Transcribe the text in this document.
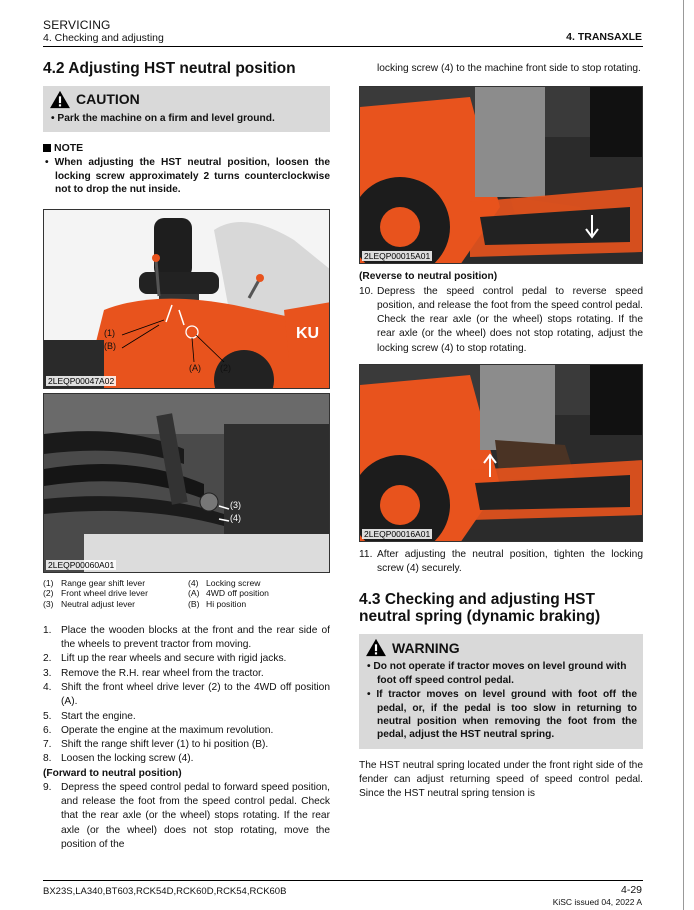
SERVICING
4. Checking and adjusting	4. TRANSAXLE
4.2 Adjusting HST neutral position
CAUTION
• Park the machine on a firm and level ground.
NOTE
• When adjusting the HST neutral position, loosen the locking screw approximately 2 turns counterclockwise not to drop the nut inside.
KU
(1)
(B)
(A) (2)
2LEQP00047A02
(3)
(4)
2LEQP00060A01
(1) Range gear shift lever	(4) Locking screw
(2) Front wheel drive lever	(A) 4WD off position
(3) Neutral adjust lever	(B) Hi position
1. Place the wooden blocks at the front and the rear side of the wheels to prevent tractor from moving.
2. Lift up the rear wheels and secure with rigid jacks.
3. Remove the R.H. rear wheel from the tractor.
4. Shift the front wheel drive lever (2) to the 4WD off position (A).
5. Start the engine.
6. Operate the engine at the maximum revolution.
7. Shift the range shift lever (1) to hi position (B).
8. Loosen the locking screw (4).
(Forward to neutral position)
9. Depress the speed control pedal to forward speed position, and release the foot from the speed control pedal. Check that the rear axle (or the wheel) stops rotating. If the rear axle (or the wheel) does not stop rotating, move the position of the
locking screw (4) to the machine front side to stop rotating.
2LEQP00015A01
(Reverse to neutral position)
10. Depress the speed control pedal to reverse speed position, and release the foot from the speed control pedal. Check the rear axle (or the wheel) stops rotating. If the rear axle (or the wheel) does not stop rotating, adjust the locking screw (4) to stop rotating.
2LEQP00016A01
11. After adjusting the neutral position, tighten the locking screw (4) securely.
4.3 Checking and adjusting HST neutral spring (dynamic braking)
WARNING
• Do not operate if tractor moves on level ground with foot off speed control pedal.
• If tractor moves on level ground with foot off the pedal, or, if the pedal is too slow in returning to neutral position when removing the foot from the pedal, adjust the HST neutral spring.
The HST neutral spring located under the front right side of the fender can adjust returning speed of speed control pedal. Since the HST neutral spring tension is
BX23S,LA340,BT603,RCK54D,RCK60D,RCK54,RCK60B	4-29
KiSC issued 04, 2022 A
